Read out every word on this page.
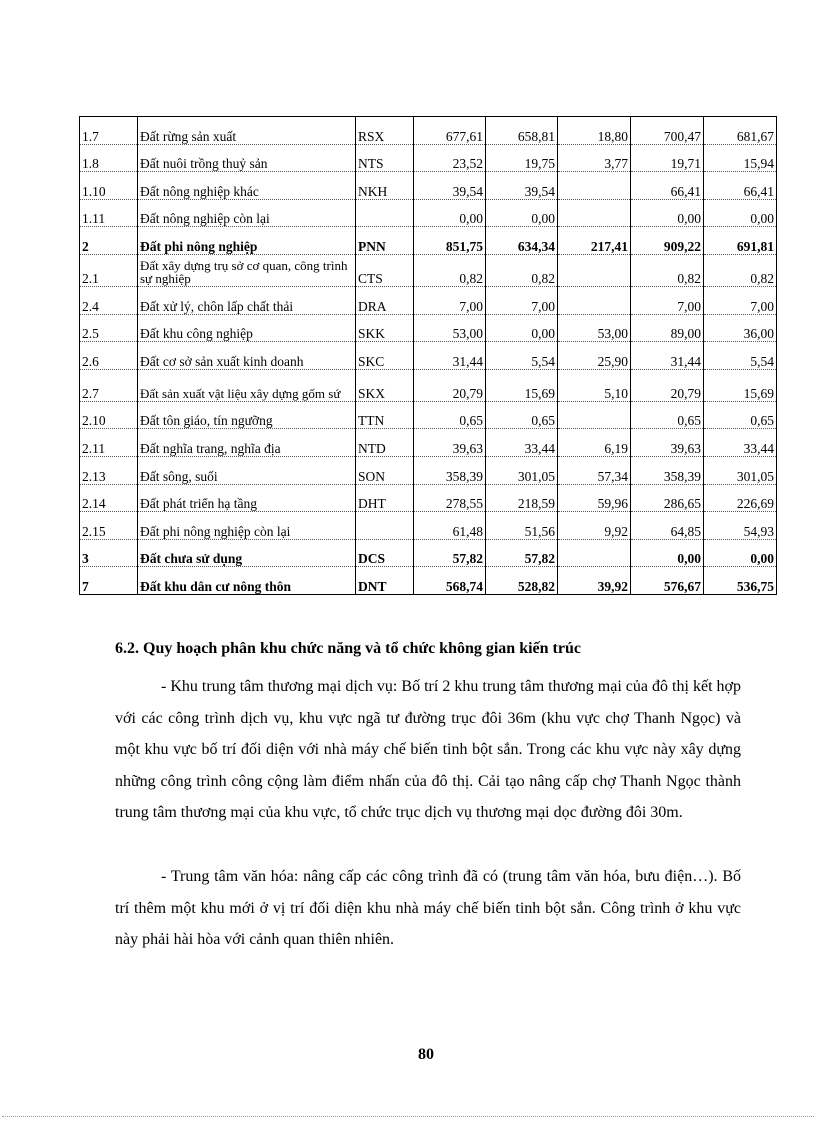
1.7	Đất rừng sản xuất	RSX	677,61	658,81	18,80	700,47	681,67
1.8	Đất nuôi trồng thuỷ sản	NTS	23,52	19,75	3,77	19,71	15,94
1.10	Đất nông nghiệp khác	NKH	39,54	39,54		66,41	66,41
1.11	Đất nông nghiệp còn lại		0,00	0,00		0,00	0,00
2	Đất phi nông nghiệp	PNN	851,75	634,34	217,41	909,22	691,81
2.1	Đất xây dựng trụ sở cơ quan, công trình sự nghiệp	CTS	0,82	0,82		0,82	0,82
2.4	Đất xử lý, chôn lấp chất thải	DRA	7,00	7,00		7,00	7,00
2.5	Đất khu công nghiệp	SKK	53,00	0,00	53,00	89,00	36,00
2.6	Đất cơ sở sản xuất kinh doanh	SKC	31,44	5,54	25,90	31,44	5,54
2.7	Đất sản xuất vật liệu xây dựng gốm sứ	SKX	20,79	15,69	5,10	20,79	15,69
2.10	Đất tôn giáo, tín ngưỡng	TTN	0,65	0,65		0,65	0,65
2.11	Đất nghĩa trang, nghĩa địa	NTD	39,63	33,44	6,19	39,63	33,44
2.13	Đất sông, suối	SON	358,39	301,05	57,34	358,39	301,05
2.14	Đất phát triển hạ tầng	DHT	278,55	218,59	59,96	286,65	226,69
2.15	Đất phi nông nghiệp còn lại		61,48	51,56	9,92	64,85	54,93
3	Đất chưa sử dụng	DCS	57,82	57,82		0,00	0,00
7	Đất khu dân cư nông thôn	DNT	568,74	528,82	39,92	576,67	536,75
6.2. Quy hoạch phân khu chức năng và tổ chức không gian kiến trúc
- Khu trung tâm thương mại dịch vụ: Bố trí 2 khu trung tâm thương mại của đô thị kết hợp với các công trình dịch vụ, khu vực ngã tư đường trục đôi 36m (khu vực chợ Thanh Ngọc) và một khu vực bố trí đối diện với nhà máy chế biến tinh bột sắn. Trong các khu vực này xây dựng những công trình công cộng làm điểm nhấn của đô thị. Cải tạo nâng cấp chợ Thanh Ngọc thành trung tâm thương mại của khu vực, tổ chức trục dịch vụ thương mại dọc đường đôi 30m.
- Trung tâm văn hóa: nâng cấp các công trình đã có (trung tâm văn hóa, bưu điện…). Bố trí thêm một khu mới ở vị trí đối diện khu nhà máy chế biến tinh bột sắn. Công trình ở khu vực này phải hài hòa với cảnh quan thiên nhiên.
80
